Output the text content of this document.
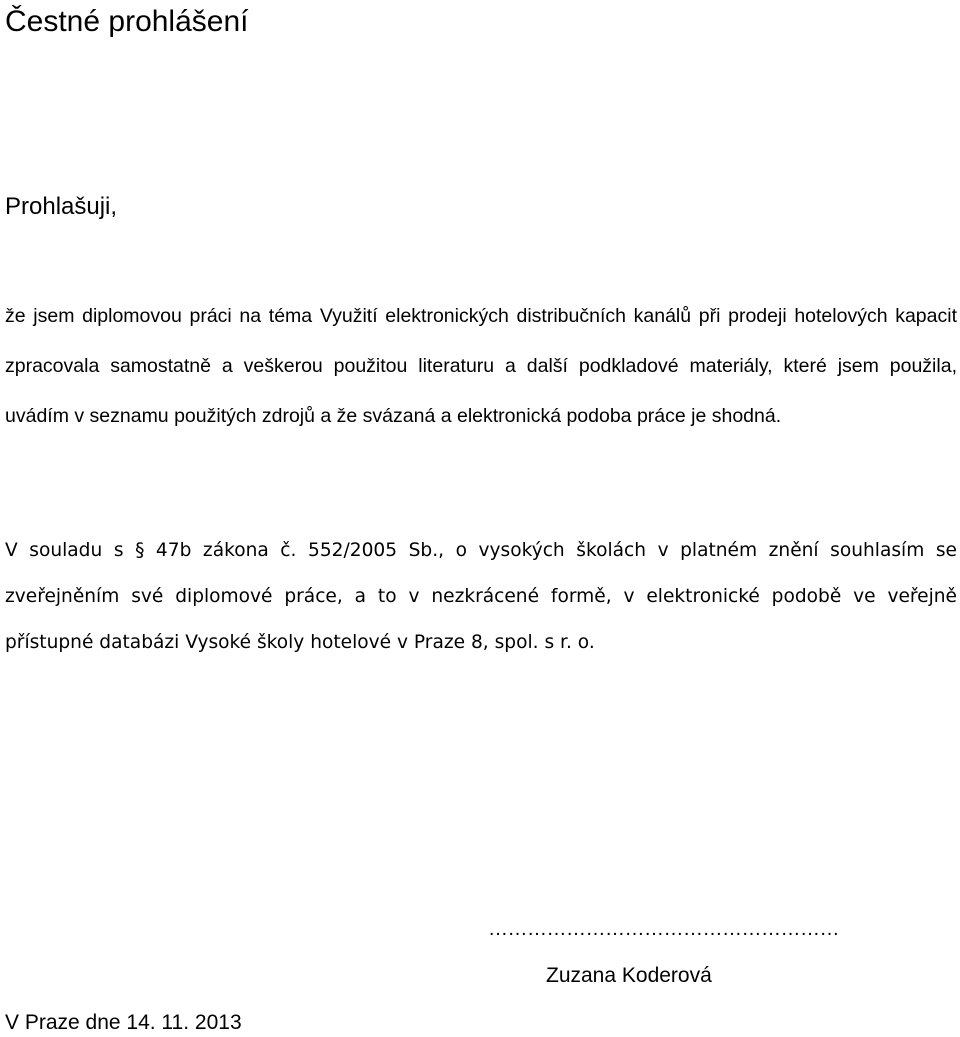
Čestné prohlášení
Prohlašuji,

že jsem diplomovou práci na téma Využití elektronických distribučních kanálů při prodeji hotelových kapacit zpracovala samostatně a veškerou použitou literaturu a další podkladové materiály, které jsem použila, uvádím v seznamu použitých zdrojů a že svázaná a elektronická podoba práce je shodná.

V souladu s § 47b zákona č. 552/2005 Sb., o vysokých školách v platném znění souhlasím se zveřejněním své diplomové práce, a to v nezkrácené formě, v elektronické podobě ve veřejně přístupné databázi Vysoké školy hotelové v Praze 8, spol. s r. o.

………………………………………………
Zuzana Koderová
V Praze dne 14. 11. 2013
